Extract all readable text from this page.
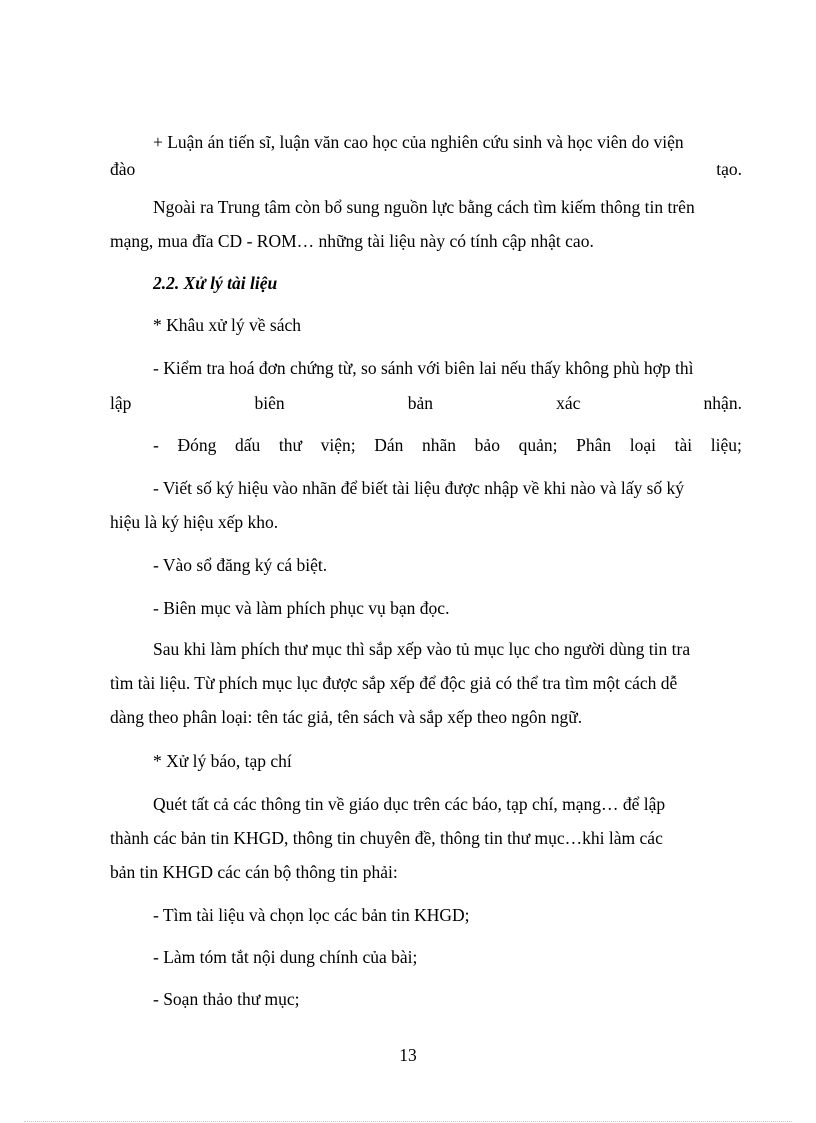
+ Luận án tiến sĩ, luận văn cao học của nghiên cứu sinh và học viên do viện
đào	tạo.
Ngoài ra Trung tâm còn bổ sung nguồn lực bằng cách tìm kiếm thông tin trên
mạng, mua đĩa CD - ROM… những tài liệu này có tính cập nhật cao.
2.2. Xử lý tài liệu
* Khâu xử lý về sách
- Kiểm tra hoá đơn chứng từ, so sánh với biên lai nếu thấy không phù hợp thì
lập	biên	bản	xác	nhận.
- Đóng dấu thư viện; Dán nhãn bảo quản; Phân loại tài liệu;
- Viết số ký hiệu vào nhãn để biết tài liệu được nhập về khi nào và lấy số ký
hiệu là ký hiệu xếp kho.
- Vào sổ đăng ký cá biệt.
- Biên mục và làm phích phục vụ bạn đọc.
Sau khi làm phích thư mục thì sắp xếp vào tủ mục lục cho người dùng tin tra
tìm tài liệu. Từ phích mục lục được sắp xếp để độc giả có thể tra tìm một cách dễ
dàng theo phân loại: tên tác giả, tên sách và sắp xếp theo ngôn ngữ.
* Xử lý báo, tạp chí
Quét tất cả các thông tin về giáo dục trên các báo, tạp chí, mạng… để lập
thành các bản tin KHGD, thông tin chuyên đề, thông tin thư mục…khi làm các
bản tin KHGD các cán bộ thông tin phải:
- Tìm tài liệu và chọn lọc các bản tin KHGD;
- Làm tóm tắt nội dung chính của bài;
- Soạn thảo thư mục;
13
